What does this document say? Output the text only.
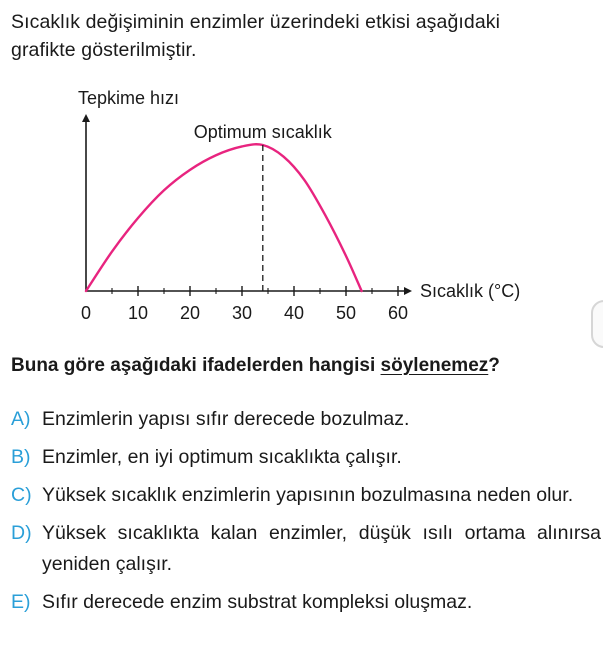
Sıcaklık değişiminin enzimler üzerindeki etkisi aşağıdaki
grafikte gösterilmiştir.
0 10 20 30 40 50 60
Tepkime hızı
Optimum sıcaklık
Sıcaklık (°C)
Buna göre aşağıdaki ifadelerden hangisi söylenemez?
A) Enzimlerin yapısı sıfır derecede bozulmaz.
B) Enzimler, en iyi optimum sıcaklıkta çalışır.
C) Yüksek sıcaklık enzimlerin yapısının bozulmasına neden olur.
D) Yüksek sıcaklıkta kalan enzimler, düşük ısılı ortama alınırsa yeniden çalışır.
E) Sıfır derecede enzim substrat kompleksi oluşmaz.
